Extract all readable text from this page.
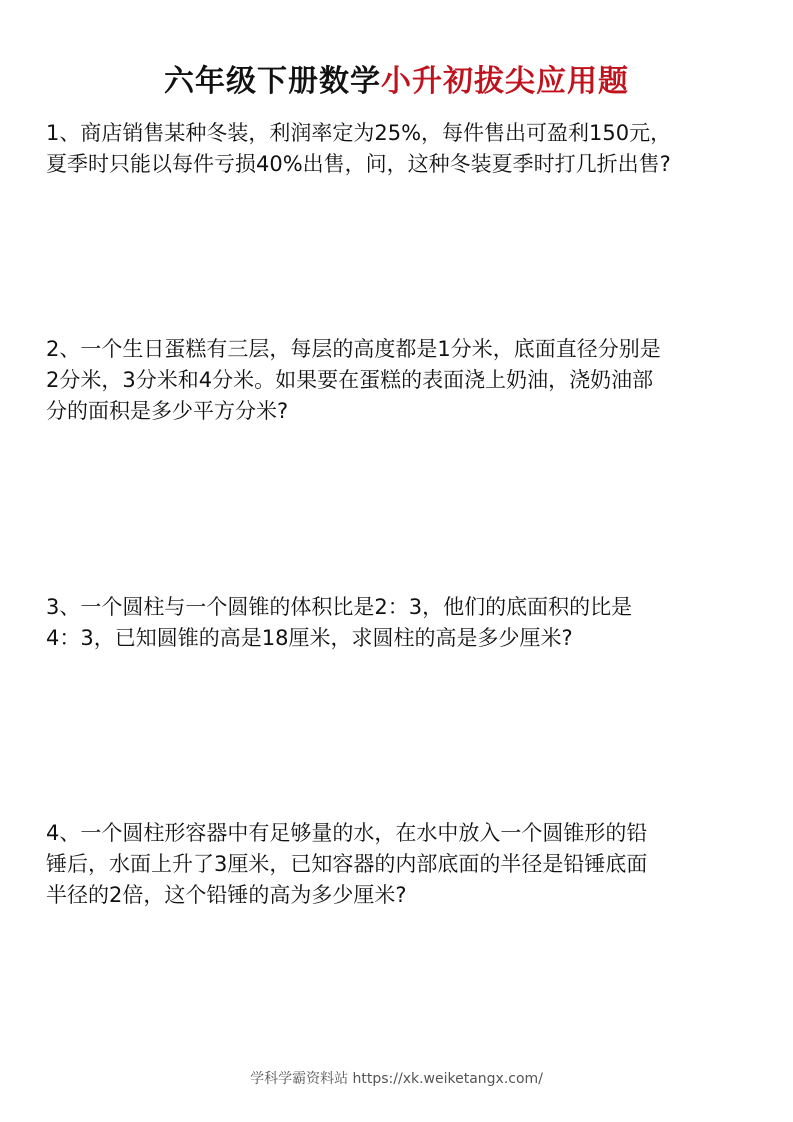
六年级下册数学小升初拔尖应用题
1、商店销售某种冬装，利润率定为25%，每件售出可盈利150元，
夏季时只能以每件亏损40%出售，问，这种冬装夏季时打几折出售?
2、一个生日蛋糕有三层，每层的高度都是1分米，底面直径分别是
2分米，3分米和4分米。如果要在蛋糕的表面浇上奶油，浇奶油部
分的面积是多少平方分米?
3、一个圆柱与一个圆锥的体积比是2：3，他们的底面积的比是
4：3，已知圆锥的高是18厘米，求圆柱的高是多少厘米?
4、一个圆柱形容器中有足够量的水，在水中放入一个圆锥形的铅
锤后，水面上升了3厘米，已知容器的内部底面的半径是铅锤底面
半径的2倍，这个铅锤的高为多少厘米?
学科学霸资料站 https://xk.weiketangx.com/
